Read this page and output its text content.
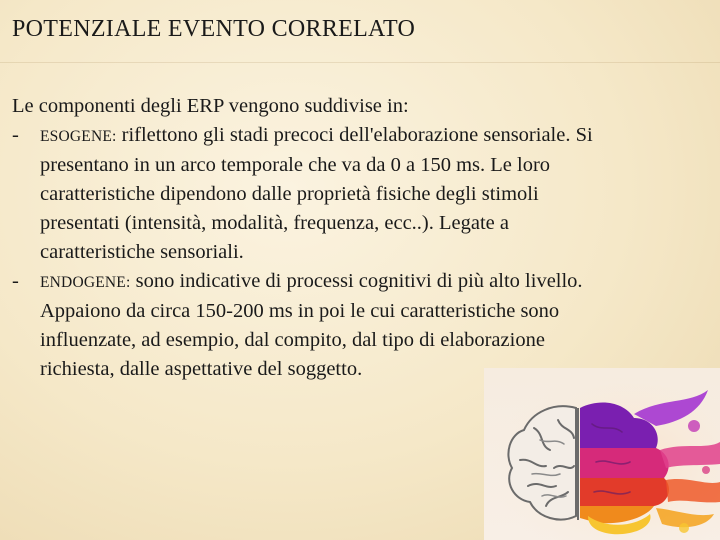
POTENZIALE EVENTO CORRELATO

Le componenti degli ERP vengono suddivise in:

- ESOGENE: riflettono gli stadi precoci dell'elaborazione sensoriale. Si
presentano in un arco temporale che va da 0 a 150 ms. Le loro
caratteristiche dipendono dalle proprietà fisiche degli stimoli
presentati (intensità, modalità, frequenza, ecc..). Legate a
caratteristiche sensoriali.
- ENDOGENE: sono indicative di processi cognitivi di più alto livello.
Appaiono da circa 150-200 ms in poi le cui caratteristiche sono
influenzate, ad esempio, dal compito, dal tipo di elaborazione
richiesta, dalle aspettative del soggetto.
